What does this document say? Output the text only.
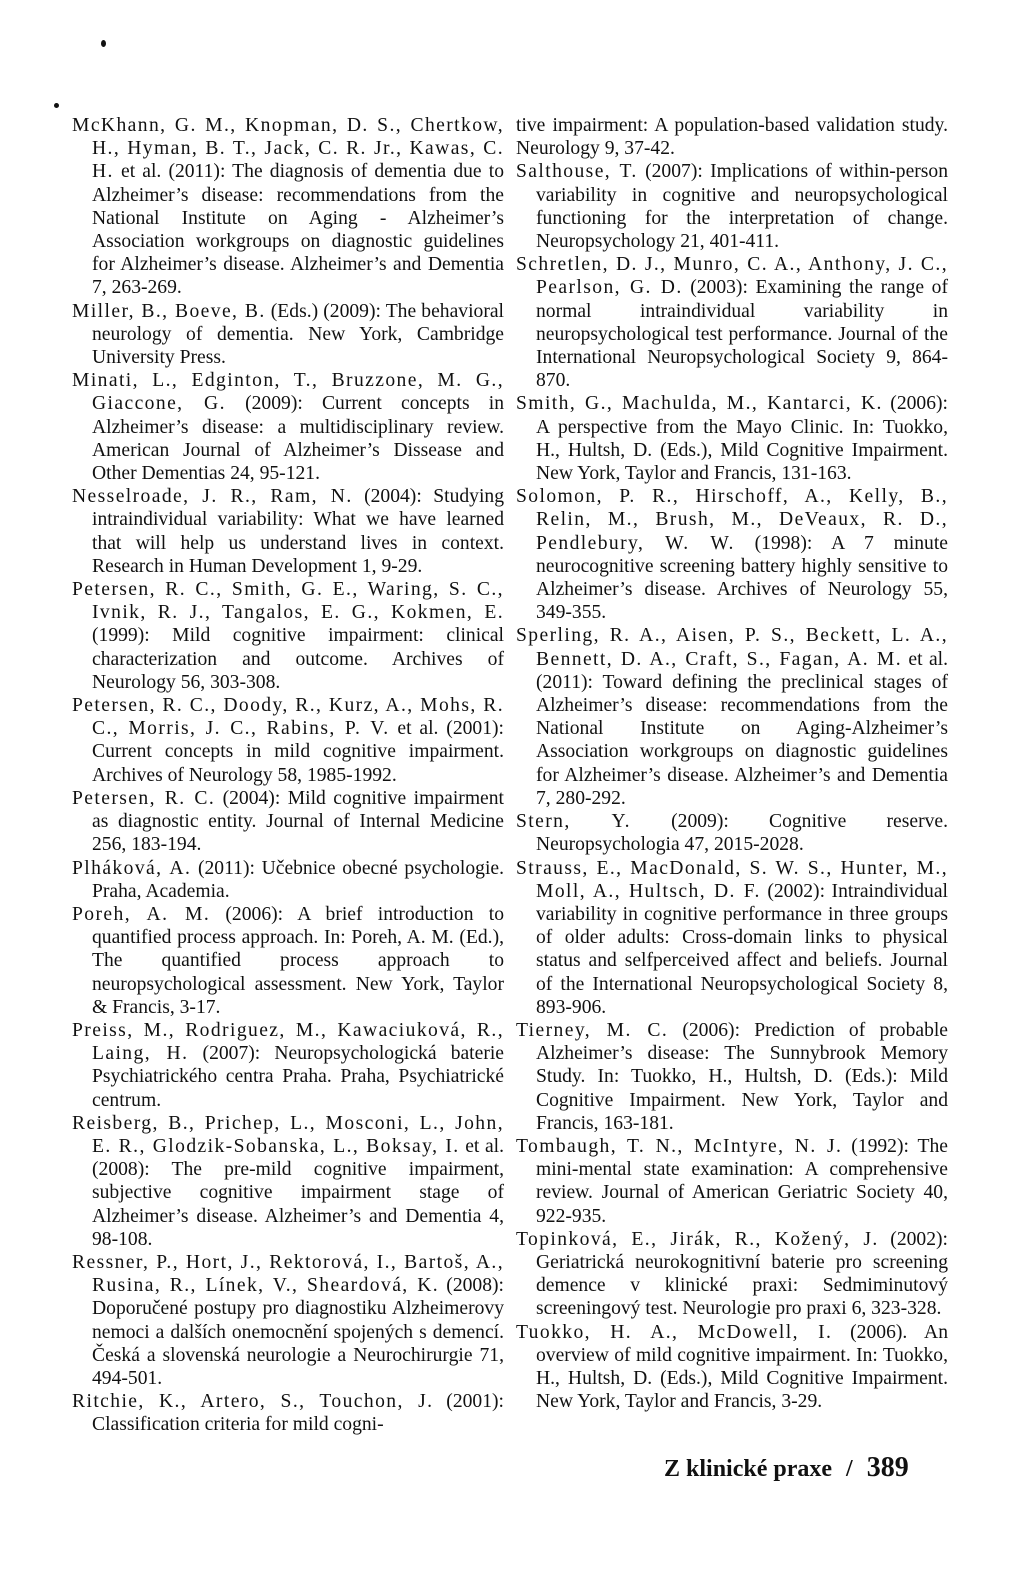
McKhann, G. M., Knopman, D. S., Chertkow, H., Hyman, B. T., Jack, C. R. Jr., Kawas, C. H. et al. (2011): The diagnosis of dementia due to Alzheimer’s disease: recommendations from the National Institute on Aging - Alzheimer’s Association workgroups on diagnostic guidelines for Alzheimer’s disease. Alzheimer’s and Dementia 7, 263-269.

Miller, B., Boeve, B. (Eds.) (2009): The behavioral neurology of dementia. New York, Cambridge University Press.

Minati, L., Edginton, T., Bruzzone, M. G., Giaccone, G. (2009): Current concepts in Alzheimer’s disease: a multidisciplinary review. American Journal of Alzheimer’s Dissease and Other Dementias 24, 95-121.

Nesselroade, J. R., Ram, N. (2004): Studying intraindividual variability: What we have learned that will help us understand lives in context. Research in Human Development 1, 9-29.

Petersen, R. C., Smith, G. E., Waring, S. C., Ivnik, R. J., Tangalos, E. G., Kokmen, E. (1999): Mild cognitive impairment: clinical characterization and outcome. Archives of Neurology 56, 303-308.

Petersen, R. C., Doody, R., Kurz, A., Mohs, R. C., Morris, J. C., Rabins, P. V. et al. (2001): Current concepts in mild cognitive impairment. Archives of Neurology 58, 1985-1992.

Petersen, R. C. (2004): Mild cognitive impairment as diagnostic entity. Journal of Internal Medicine 256, 183-194.

Plháková, A. (2011): Učebnice obecné psychologie. Praha, Academia.

Poreh, A. M. (2006): A brief introduction to quantified process approach. In: Poreh, A. M. (Ed.), The quantified process approach to neuropsychological assessment. New York, Taylor & Francis, 3-17.

Preiss, M., Rodriguez, M., Kawaciuková, R., Laing, H. (2007): Neuropsychologická baterie Psychiatrického centra Praha. Praha, Psychiatrické centrum.

Reisberg, B., Prichep, L., Mosconi, L., John, E. R., Glodzik-Sobanska, L., Boksay, I. et al. (2008): The pre-mild cognitive impairment, subjective cognitive impairment stage of Alzheimer’s disease. Alzheimer’s and Dementia 4, 98-108.

Ressner, P., Hort, J., Rektorová, I., Bartoš, A., Rusina, R., Línek, V., Sheardová, K. (2008): Doporučené postupy pro diagnostiku Alzheimerovy nemoci a dalších onemocnění spojených s demencí. Česká a slovenská neurologie a Neurochirurgie 71, 494-501.

Ritchie, K., Artero, S., Touchon, J. (2001): Classification criteria for mild cogni-

tive impairment: A population-based validation study. Neurology 9, 37-42.

Salthouse, T. (2007): Implications of within-person variability in cognitive and neuropsychological functioning for the interpretation of change. Neuropsychology 21, 401-411.

Schretlen, D. J., Munro, C. A., Anthony, J. C., Pearlson, G. D. (2003): Examining the range of normal intraindividual variability in neuropsychological test performance. Journal of the International Neuropsychological Society 9, 864-870.

Smith, G., Machulda, M., Kantarci, K. (2006): A perspective from the Mayo Clinic. In: Tuokko, H., Hultsh, D. (Eds.), Mild Cognitive Impairment. New York, Taylor and Francis, 131-163.

Solomon, P. R., Hirschoff, A., Kelly, B., Relin, M., Brush, M., DeVeaux, R. D., Pendlebury, W. W. (1998): A 7 minute neurocognitive screening battery highly sensitive to Alzheimer’s disease. Archives of Neurology 55, 349-355.

Sperling, R. A., Aisen, P. S., Beckett, L. A., Bennett, D. A., Craft, S., Fagan, A. M. et al. (2011): Toward defining the preclinical stages of Alzheimer’s disease: recommendations from the National Institute on Aging-Alzheimer’s Association workgroups on diagnostic guidelines for Alzheimer’s disease. Alzheimer’s and Dementia 7, 280-292.

Stern, Y. (2009): Cognitive reserve. Neuropsychologia 47, 2015-2028.

Strauss, E., MacDonald, S. W. S., Hunter, M., Moll, A., Hultsch, D. F. (2002): Intraindividual variability in cognitive performance in three groups of older adults: Cross-domain links to physical status and selfperceived affect and beliefs. Journal of the International Neuropsychological Society 8, 893-906.

Tierney, M. C. (2006): Prediction of probable Alzheimer’s disease: The Sunnybrook Memory Study. In: Tuokko, H., Hultsh, D. (Eds.): Mild Cognitive Impairment. New York, Taylor and Francis, 163-181.

Tombaugh, T. N., McIntyre, N. J. (1992): The mini-mental state examination: A comprehensive review. Journal of American Geriatric Society 40, 922-935.

Topinková, E., Jirák, R., Kožený, J. (2002): Geriatrická neurokognitivní baterie pro screening demence v klinické praxi: Sedmiminutový screeningový test. Neurologie pro praxi 6, 323-328.

Tuokko, H. A., McDowell, I. (2006). An overview of mild cognitive impairment. In: Tuokko, H., Hultsh, D. (Eds.), Mild Cognitive Impairment. New York, Taylor and Francis, 3-29.

Z klinické praxe / 389
